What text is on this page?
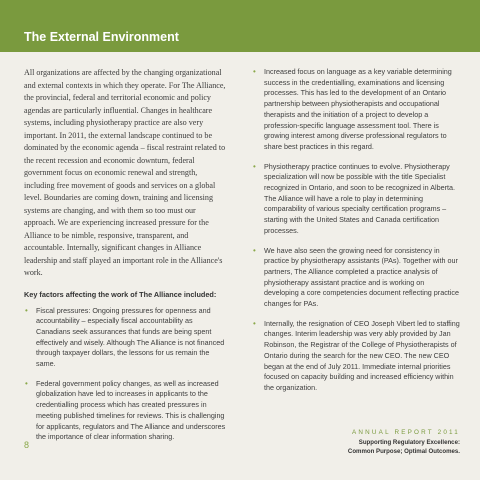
The External Environment

All organizations are affected by the changing organizational and external contexts in which they operate. For The Alliance, the provincial, federal and territorial economic and policy agendas are particularly influential. Changes in healthcare systems, including physiotherapy practice are also very important. In 2011, the external landscape continued to be dominated by the economic agenda – fiscal restraint related to the recent recession and economic downturn, federal government focus on economic renewal and strength, including free movement of goods and services on a global level. Boundaries are coming down, training and licensing systems are changing, and with them so too must our approach. We are experiencing increased pressure for the Alliance to be nimble, responsive, transparent, and accountable. Internally, significant changes in Alliance leadership and staff played an important role in the Alliance's work.

Key factors affecting the work of The Alliance included:
• Fiscal pressures: Ongoing pressures for openness and accountability – especially fiscal accountability as Canadians seek assurances that funds are being spent effectively and wisely. Although The Alliance is not financed through taxpayer dollars, the lessons for us remain the same.
• Federal government policy changes, as well as increased globalization have led to increases in applicants to the credentialling process which has created pressures in meeting published timelines for reviews. This is challenging for applicants, regulators and The Alliance and underscores the importance of clear information sharing.
• Increased focus on language as a key variable determining success in the credentialling, examinations and licensing processes. This has led to the development of an Ontario partnership between physiotherapists and occupational therapists and the initiation of a project to develop a profession-specific language assessment tool. There is growing interest among diverse professional regulators to share best practices in this regard.
• Physiotherapy practice continues to evolve. Physiotherapy specialization will now be possible with the title Specialist recognized in Ontario, and soon to be recognized in Alberta. The Alliance will have a role to play in determining comparability of various specialty certification programs – starting with the United States and Canada certification processes.
• We have also seen the growing need for consistency in practice by physiotherapy assistants (PAs). Together with our partners, The Alliance completed a practice analysis of physiotherapy assistant practice and is working on developing a core competencies document reflecting practice changes for PAs.
• Internally, the resignation of CEO Joseph Vibert led to staffing changes. Interim leadership was very ably provided by Jan Robinson, the Registrar of the College of Physiotherapists of Ontario during the search for the new CEO. The new CEO began at the end of July 2011. Immediate internal priorities focused on capacity building and increased efficiency within the organization.
8
ANNUAL REPORT 2011
Supporting Regulatory Excellence:
Common Purpose; Optimal Outcomes.
